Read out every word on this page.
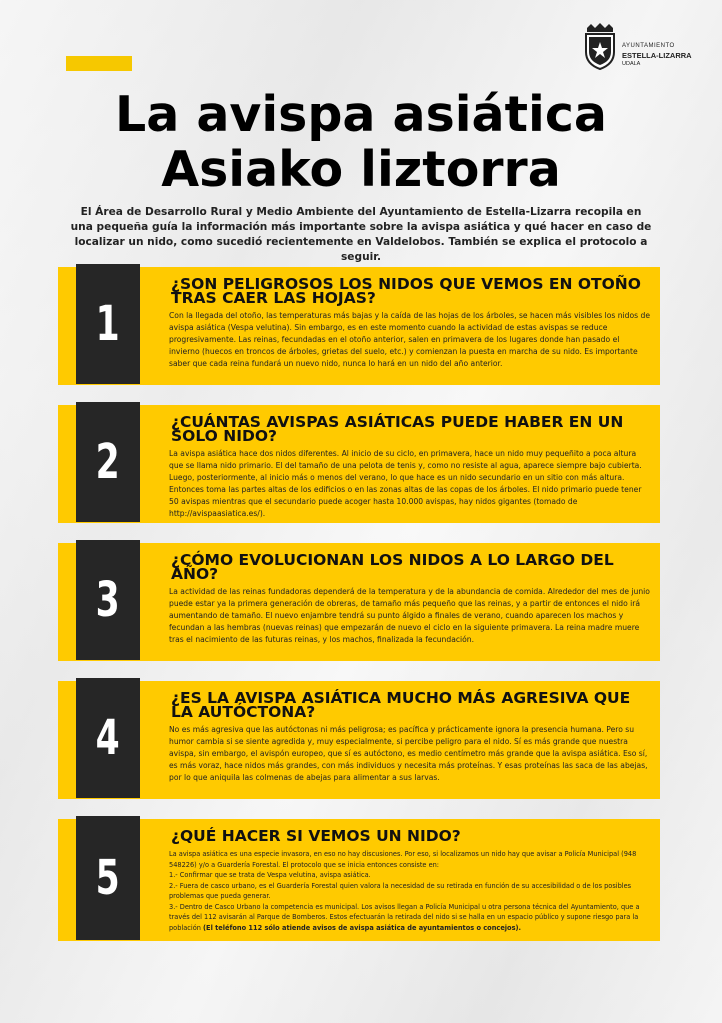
AYUNTAMIENTO
ESTELLA-LIZARRA
UDALA
La avispa asiática
Asiako liztorra
El Área de Desarrollo Rural y Medio Ambiente del Ayuntamiento de Estella-Lizarra recopila en una pequeña guía la información más importante sobre la avispa asiática y qué hacer en caso de localizar un nido, como sucedió recientemente en Valdelobos. También se explica el protocolo a seguir.
1
¿SON PELIGROSOS LOS NIDOS QUE VEMOS EN OTOÑO TRAS CAER LAS HOJAS?
Con la llegada del otoño, las temperaturas más bajas y la caída de las hojas de los árboles, se hacen más visibles los nidos de avispa asiática (Vespa velutina). Sin embargo, es en este momento cuando la actividad de estas avispas se reduce progresivamente. Las reinas, fecundadas en el otoño anterior, salen en primavera de los lugares donde han pasado el invierno (huecos en troncos de árboles, grietas del suelo, etc.) y comienzan la puesta en marcha de su nido. Es importante saber que cada reina fundará un nuevo nido, nunca lo hará en un nido del año anterior.
2
¿CUÁNTAS AVISPAS ASIÁTICAS PUEDE HABER EN UN SOLO NIDO?
La avispa asiática hace dos nidos diferentes. Al inicio de su ciclo, en primavera, hace un nido muy pequeñito a poca altura que se llama nido primario. El del tamaño de una pelota de tenis y, como no resiste al agua, aparece siempre bajo cubierta. Luego, posteriormente, al inicio más o menos del verano, lo que hace es un nido secundario en un sitio con más altura. Entonces toma las partes altas de los edificios o en las zonas altas de las copas de los árboles. El nido primario puede tener 50 avispas mientras que el secundario puede acoger hasta 10.000 avispas, hay nidos gigantes (tomado de http://avispaasiatica.es/).
3
¿CÓMO EVOLUCIONAN LOS NIDOS A LO LARGO DEL AÑO?
La actividad de las reinas fundadoras dependerá de la temperatura y de la abundancia de comida. Alrededor del mes de junio puede estar ya la primera generación de obreras, de tamaño más pequeño que las reinas, y a partir de entonces el nido irá aumentando de tamaño. El nuevo enjambre tendrá su punto álgido a finales de verano, cuando aparecen los machos y fecundan a las hembras (nuevas reinas) que empezarán de nuevo el ciclo en la siguiente primavera. La reina madre muere tras el nacimiento de las futuras reinas, y los machos, finalizada la fecundación.
4
¿ES LA AVISPA ASIÁTICA MUCHO MÁS AGRESIVA QUE LA AUTÓCTONA?
No es más agresiva que las autóctonas ni más peligrosa; es pacífica y prácticamente ignora la presencia humana. Pero su humor cambia si se siente agredida y, muy especialmente, si percibe peligro para el nido. Sí es más grande que nuestra avispa, sin embargo, el avispón europeo, que sí es autóctono, es medio centímetro más grande que la avispa asiática. Eso sí, es más voraz, hace nidos más grandes, con más individuos y necesita más proteínas. Y esas proteínas las saca de las abejas, por lo que aniquila las colmenas de abejas para alimentar a sus larvas.
5
¿QUÉ HACER SI VEMOS UN NIDO?
La avispa asiática es una especie invasora, en eso no hay discusiones. Por eso, si localizamos un nido hay que avisar a Policía Municipal (948 548226) y/o a Guardería Forestal. El protocolo que se inicia entonces consiste en:
1.- Confirmar que se trata de Vespa velutina, avispa asiática.
2.- Fuera de casco urbano, es el Guardería Forestal quien valora la necesidad de su retirada en función de su accesibilidad o de los posibles problemas que pueda generar.
3.- Dentro de Casco Urbano la competencia es municipal. Los avisos llegan a Policía Municipal u otra persona técnica del Ayuntamiento, que a través del 112 avisarán al Parque de Bomberos. Estos efectuarán la retirada del nido si se halla en un espacio público y supone riesgo para la población (El teléfono 112 sólo atiende avisos de avispa asiática de ayuntamientos o concejos).
